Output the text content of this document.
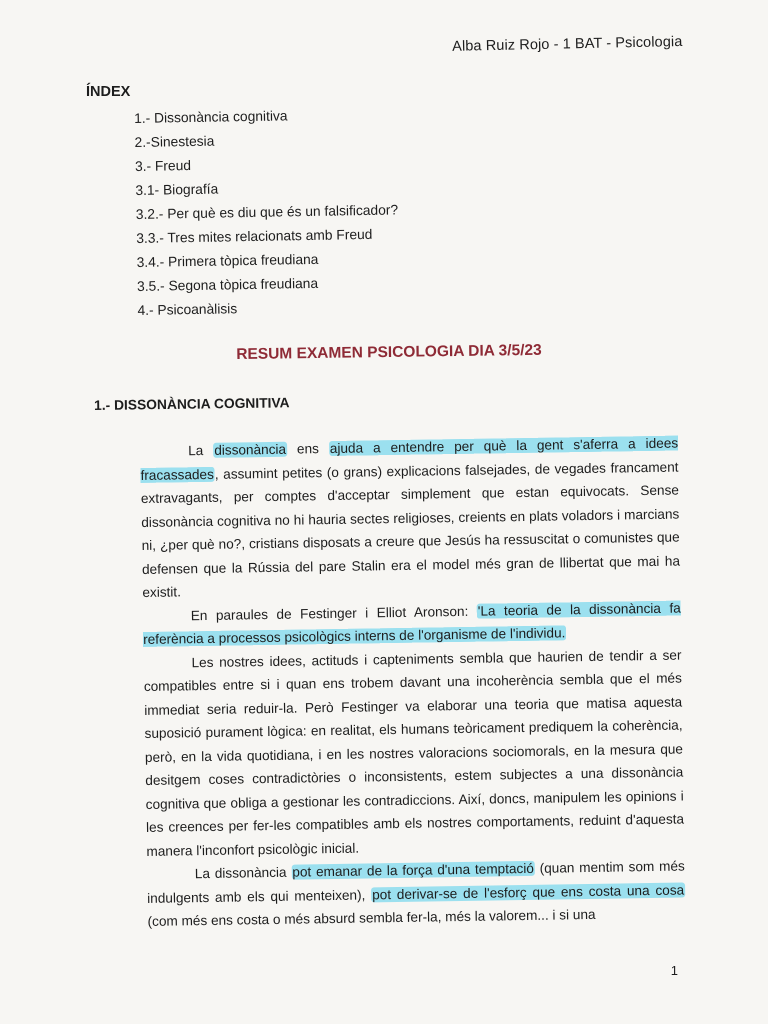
Alba Ruiz Rojo - 1 BAT - Psicologia
ÍNDEX
1.- Dissonància cognitiva
2.-Sinestesia
3.- Freud
3.1- Biografía
3.2.- Per què es diu que és un falsificador?
3.3.- Tres mites relacionats amb Freud
3.4.- Primera tòpica freudiana
3.5.- Segona tòpica freudiana
4.- Psicoanàlisis
RESUM EXAMEN PSICOLOGIA DIA 3/5/23
1.- DISSONÀNCIA COGNITIVA

La dissonància ens ajuda a entendre per què la gent s'aferra a idees fracassades, assumint petites (o grans) explicacions falsejades, de vegades francament extravagants, per comptes d'acceptar simplement que estan equivocats. Sense dissonància cognitiva no hi hauria sectes religioses, creients en plats voladors i marcians ni, ¿per què no?, cristians disposats a creure que Jesús ha ressuscitat o comunistes que defensen que la Rússia del pare Stalin era el model més gran de llibertat que mai ha existit.

En paraules de Festinger i Elliot Aronson: 'La teoria de la dissonància fa referència a processos psicològics interns de l'organisme de l'individu.

Les nostres idees, actituds i capteniments sembla que haurien de tendir a ser compatibles entre si i quan ens trobem davant una incoherència sembla que el més immediat seria reduir-la. Però Festinger va elaborar una teoria que matisa aquesta suposició purament lògica: en realitat, els humans teòricament prediquem la coherència, però, en la vida quotidiana, i en les nostres valoracions sociomorals, en la mesura que desitgem coses contradictòries o inconsistents, estem subjectes a una dissonància cognitiva que obliga a gestionar les contradiccions. Així, doncs, manipulem les opinions i les creences per fer-les compatibles amb els nostres comportaments, reduint d'aquesta manera l'inconfort psicològic inicial.

La dissonància pot emanar de la força d'una temptació (quan mentim som més indulgents amb els qui menteixen), pot derivar-se de l'esforç que ens costa una cosa (com més ens costa o més absurd sembla fer-la, més la valorem... i si una

1
